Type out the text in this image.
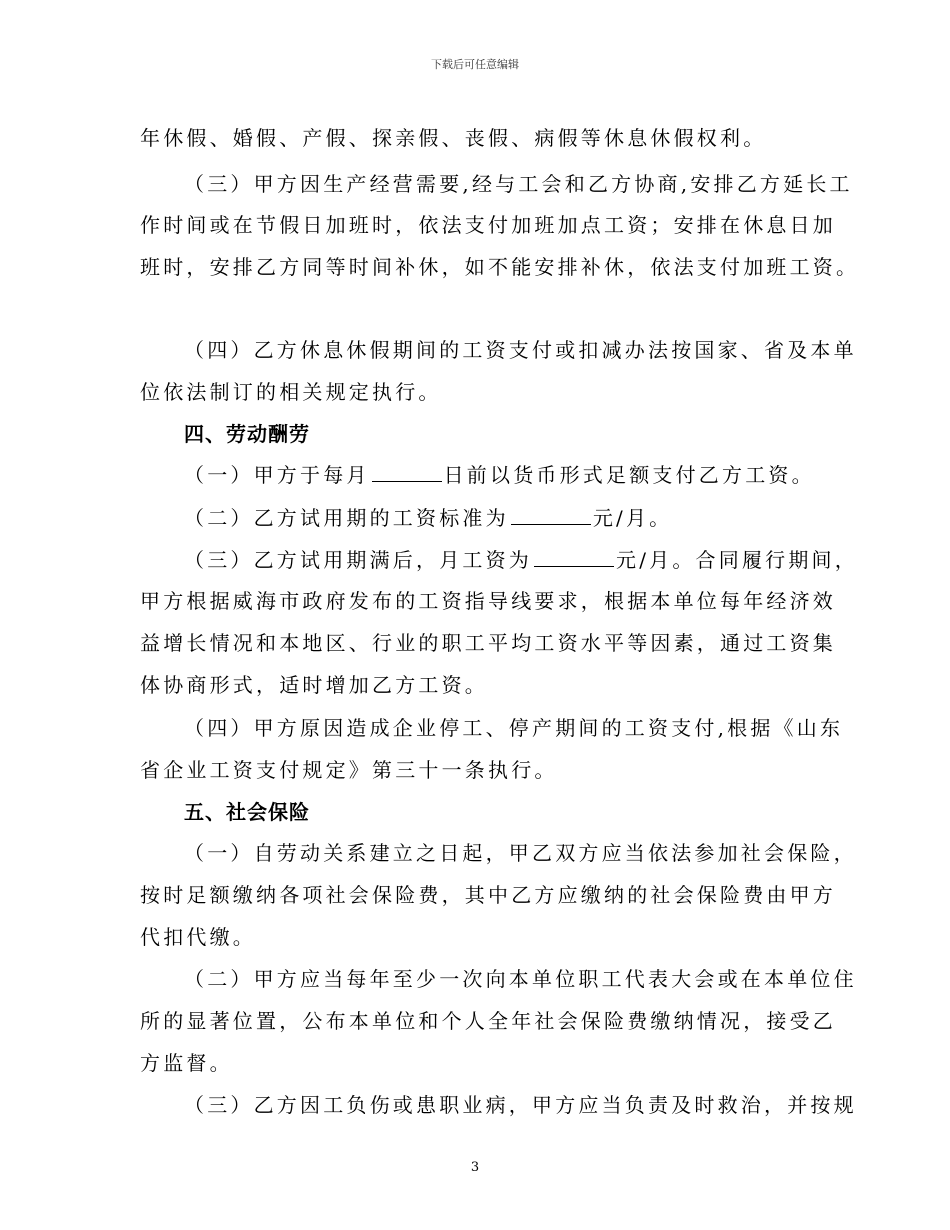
下载后可任意编辑
年休假、婚假、产假、探亲假、丧假、病假等休息休假权利。
（三）甲方因生产经营需要,经与工会和乙方协商,安排乙方延长工
作时间或在节假日加班时，依法支付加班加点工资；安排在休息日加
班时，安排乙方同等时间补休，如不能安排补休，依法支付加班工资。
（四）乙方休息休假期间的工资支付或扣减办法按国家、省及本单
位依法制订的相关规定执行。
四、劳动酬劳
（一）甲方于每月	日前以货币形式足额支付乙方工资。
（二）乙方试用期的工资标准为	元/月。
（三）乙方试用期满后，月工资为	元/月。合同履行期间，
甲方根据威海市政府发布的工资指导线要求，根据本单位每年经济效
益增长情况和本地区、行业的职工平均工资水平等因素，通过工资集
体协商形式，适时增加乙方工资。
（四）甲方原因造成企业停工、停产期间的工资支付,根据《山东
省企业工资支付规定》第三十一条执行。
五、社会保险
（一）自劳动关系建立之日起，甲乙双方应当依法参加社会保险，
按时足额缴纳各项社会保险费，其中乙方应缴纳的社会保险费由甲方
代扣代缴。
（二）甲方应当每年至少一次向本单位职工代表大会或在本单位住
所的显著位置，公布本单位和个人全年社会保险费缴纳情况，接受乙
方监督。
（三）乙方因工负伤或患职业病，甲方应当负责及时救治，并按规
3
